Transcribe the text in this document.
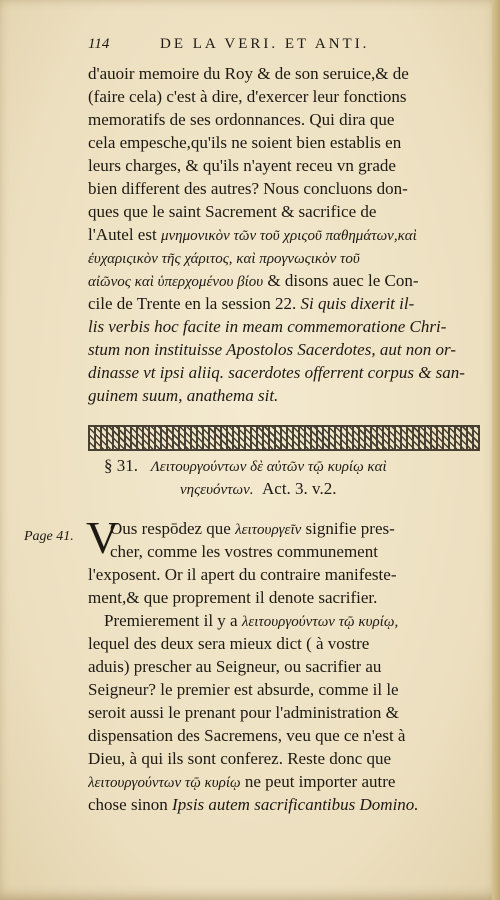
114	DE LA VERI. ET ANTI.
d'auoir memoire du Roy & de son seruice,& de
(faire cela) c'est à dire, d'exercer leur fonctions
memoratifs de ses ordonnances. Qui dira que
cela empesche,qu'ils ne soient bien establis en
leurs charges, & qu'ils n'ayent receu vn grade
bien different des autres? Nous concluons don-
ques que le saint Sacrement & sacrifice de
l'Autel est μνημονικὸν τῶν τοῦ χριςοῦ παθημάτων,καὶ
ἐυχαριςικὸν τῆς χάριτος, καὶ προγνωςικὸν τοῦ
αἰῶνος καὶ ὑπερχομένου βίου & disons auec le Con-
cile de Trente en la session 22. Si quis dixerit il-
lis verbis hoc facite in meam commemoratione Chri-
stum non instituisse Apostolos Sacerdotes, aut non or-
dinasse vt ipsi aliiq. sacerdotes offerrent corpus & san-
guinem suum, anathema sit.
§ 31. Λειτουργούντων δὲ αὐτῶν τῷ κυρίῳ καὶ
νηςευόντων. Act. 3. v.2.
Page 41. V
Ous respōdez que λειτουργεῖν signifie pres-
cher, comme les vostres communement
l'exposent. Or il apert du contraire manifeste-
ment,& que proprement il denote sacrifier.
Premierement il y a λειτουργούντων τῷ κυρίῳ,
lequel des deux sera mieux dict ( à vostre
aduis) prescher au Seigneur, ou sacrifier au
Seigneur? le premier est absurde, comme il le
seroit aussi le prenant pour l'administration &
dispensation des Sacremens, veu que ce n'est à
Dieu, à qui ils sont conferez. Reste donc que
λειτουργούντων τῷ κυρίῳ ne peut importer autre
chose sinon Ipsis autem sacrificantibus Domino.
